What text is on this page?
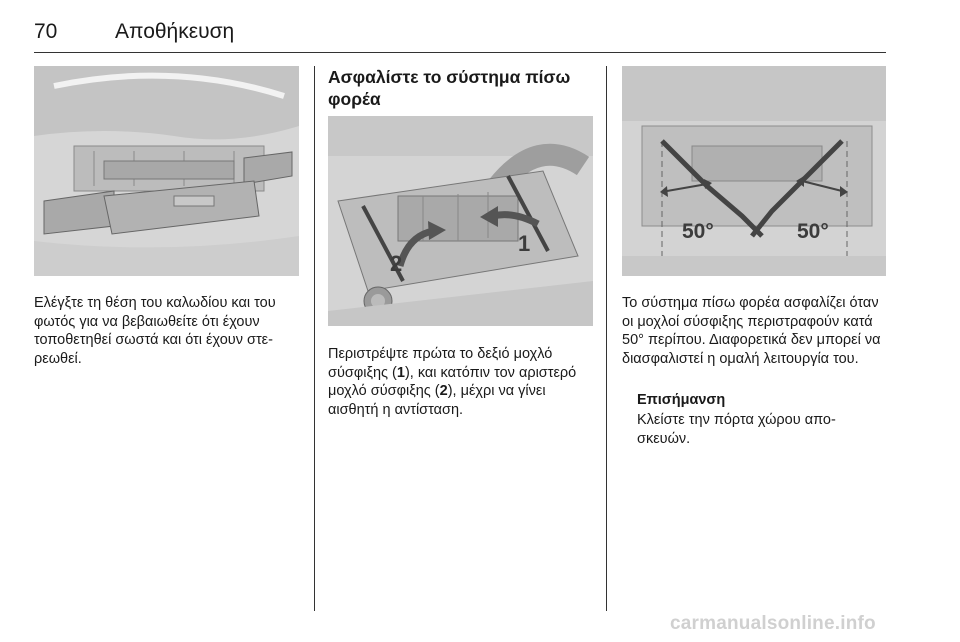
70	Αποθήκευση

Ελέγξτε τη θέση του καλωδίου και του φωτός για να βεβαιωθείτε ότι έχουν τοποθετηθεί σωστά και ότι έχουν στερεωθεί.

Ασφαλίστε το σύστημα πίσω φορέα
1
2

Περιστρέψτε πρώτα το δεξιό μοχλό σύσφιξης (1), και κατόπιν τον αριστερό μοχλό σύσφιξης (2), μέχρι να γίνει αισθητή η αντίσταση.

50°	50°

Το σύστημα πίσω φορέα ασφαλίζει όταν οι μοχλοί σύσφιξης περιστραφούν κατά 50° περίπου. Διαφορετικά δεν μπορεί να διασφαλιστεί η ομαλή λειτουργία του.

Επισήμανση

Κλείστε την πόρτα χώρου αποσκευών.

carmanualsonline.info
